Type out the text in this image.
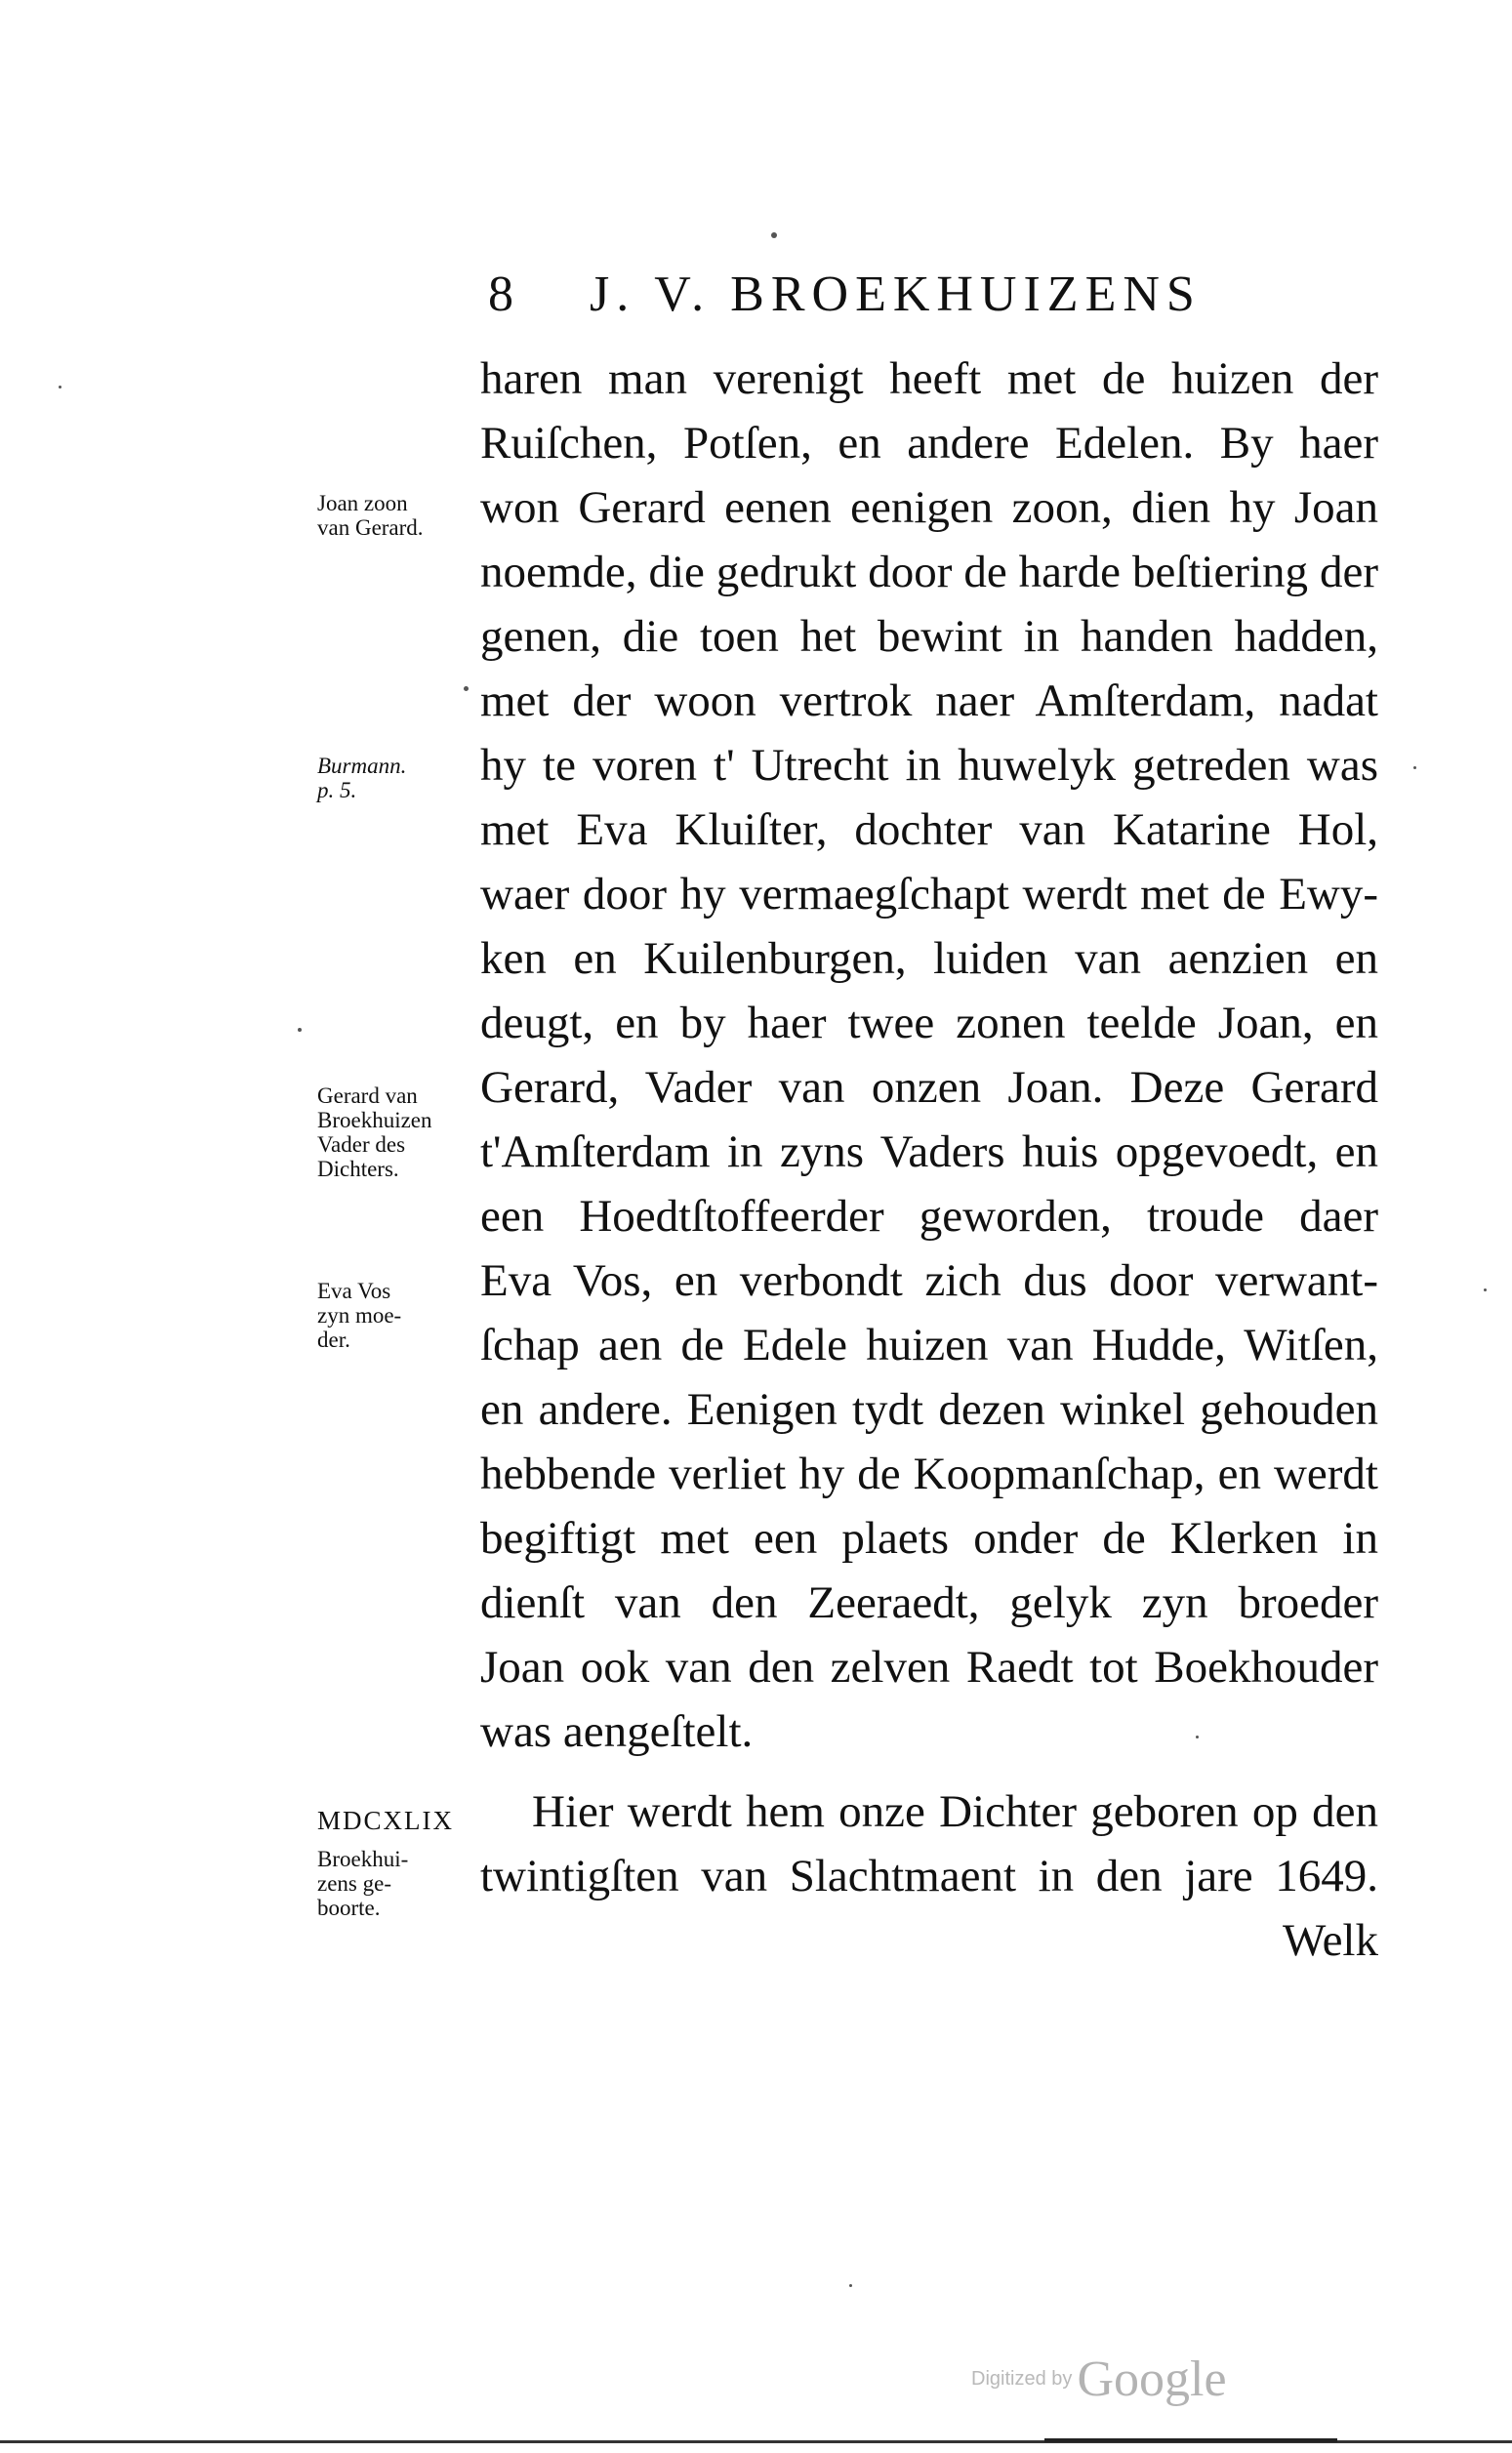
8 J. V. BROEKHUIZENS
haren man verenigt heeft met de huizen der
Ruiſchen, Potſen, en andere Edelen. By haer
won Gerard eenen eenigen zoon, dien hy Joan
noemde, die gedrukt door de harde beſtiering der
genen, die toen het bewint in handen hadden,
met der woon vertrok naer Amſterdam, nadat
hy te voren t' Utrecht in huwelyk getreden was
met Eva Kluiſter, dochter van Katarine Hol,
waer door hy vermaegſchapt werdt met de Ewy-
ken en Kuilenburgen, luiden van aenzien en
deugt, en by haer twee zonen teelde Joan, en
Gerard, Vader van onzen Joan. Deze Gerard
t'Amſterdam in zyns Vaders huis opgevoedt, en
een Hoedtſtoffeerder geworden, troude daer
Eva Vos, en verbondt zich dus door verwant-
ſchap aen de Edele huizen van Hudde, Witſen,
en andere. Eenigen tydt dezen winkel gehouden
hebbende verliet hy de Koopmanſchap, en werdt
begiftigt met een plaets onder de Klerken in
dienſt van den Zeeraedt, gelyk zyn broeder
Joan ook van den zelven Raedt tot Boekhouder
was aengeſtelt.
Hier werdt hem onze Dichter geboren op den
twintigſten van Slachtmaent in den jare 1649.
Welk
Joan zoon
van Gerard.
Burmann.
p. 5.
Gerard van
Broekhuizen
Vader des
Dichters.
Eva Vos
zyn moe-
der.
MDCXLIX
Broekhui-
zens ge-
boorte.
Digitized by Google
